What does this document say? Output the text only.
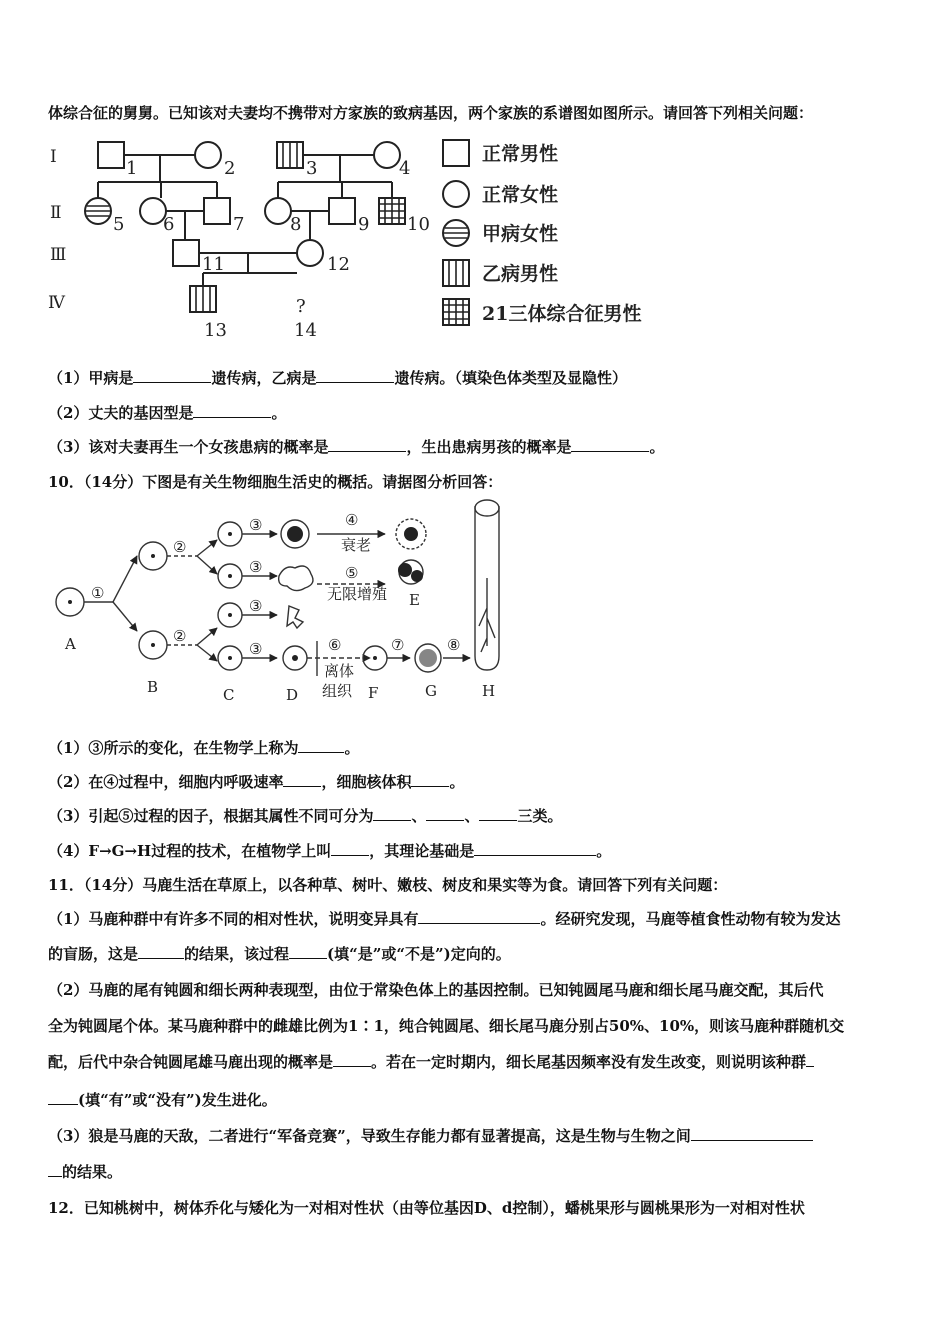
体综合征的舅舅。已知该对夫妻均不携带对方家族的致病基因，两个家族的系谱图如图所示。请回答下列相关问题：
Ⅰ
Ⅱ
Ⅲ
Ⅳ
1	2	3	4
5 6	7	8	9 10
11	12
13	14
?
正常男性
正常女性
甲病女性
乙病男性
21三体综合征男性
（1）甲病是	遗传病，乙病是	遗传病。（填染色体类型及显隐性）
（2）丈夫的基因型是	。
（3）该对夫妻再生一个女孩患病的概率是	，生出患病男孩的概率是	。
10．（14分）下图是有关生物细胞生活史的概括。请据图分析回答：
①
②
②
③
③
③
③
④
⑤
⑥	⑦	⑧
衰老
无限增殖
离体
组织
A
B	C	D
E
F	G	H
（1）③所示的变化，在生物学上称为	。
（2）在④过程中，细胞内呼吸速率	，细胞核体积	。
（3）引起⑤过程的因子，根据其属性不同可分为	、	、	三类。
（4）F→G→H过程的技术，在植物学上叫	，其理论基础是	。
11．（14分）马鹿生活在草原上，以各种草、树叶、嫩枝、树皮和果实等为食。请回答下列有关问题：
（1）马鹿种群中有许多不同的相对性状，说明变异具有	。经研究发现，马鹿等植食性动物有较为发达
的盲肠，这是	的结果，该过程	(填“是”或“不是”)定向的。
（2）马鹿的尾有钝圆和细长两种表现型，由位于常染色体上的基因控制。已知钝圆尾马鹿和细长尾马鹿交配，其后代
全为钝圆尾个体。某马鹿种群中的雌雄比例为1∶1，纯合钝圆尾、细长尾马鹿分别占50%、10%，则该马鹿种群随机交
配，后代中杂合钝圆尾雄马鹿出现的概率是	。若在一定时期内，细长尾基因频率没有发生改变，则说明该种群
(填“有”或“没有”)发生进化。
（3）狼是马鹿的天敌，二者进行“军备竞赛”，导致生存能力都有显著提高，这是生物与生物之间
的结果。
12．已知桃树中，树体乔化与矮化为一对相对性状（由等位基因D、d控制），蟠桃果形与圆桃果形为一对相对性状
